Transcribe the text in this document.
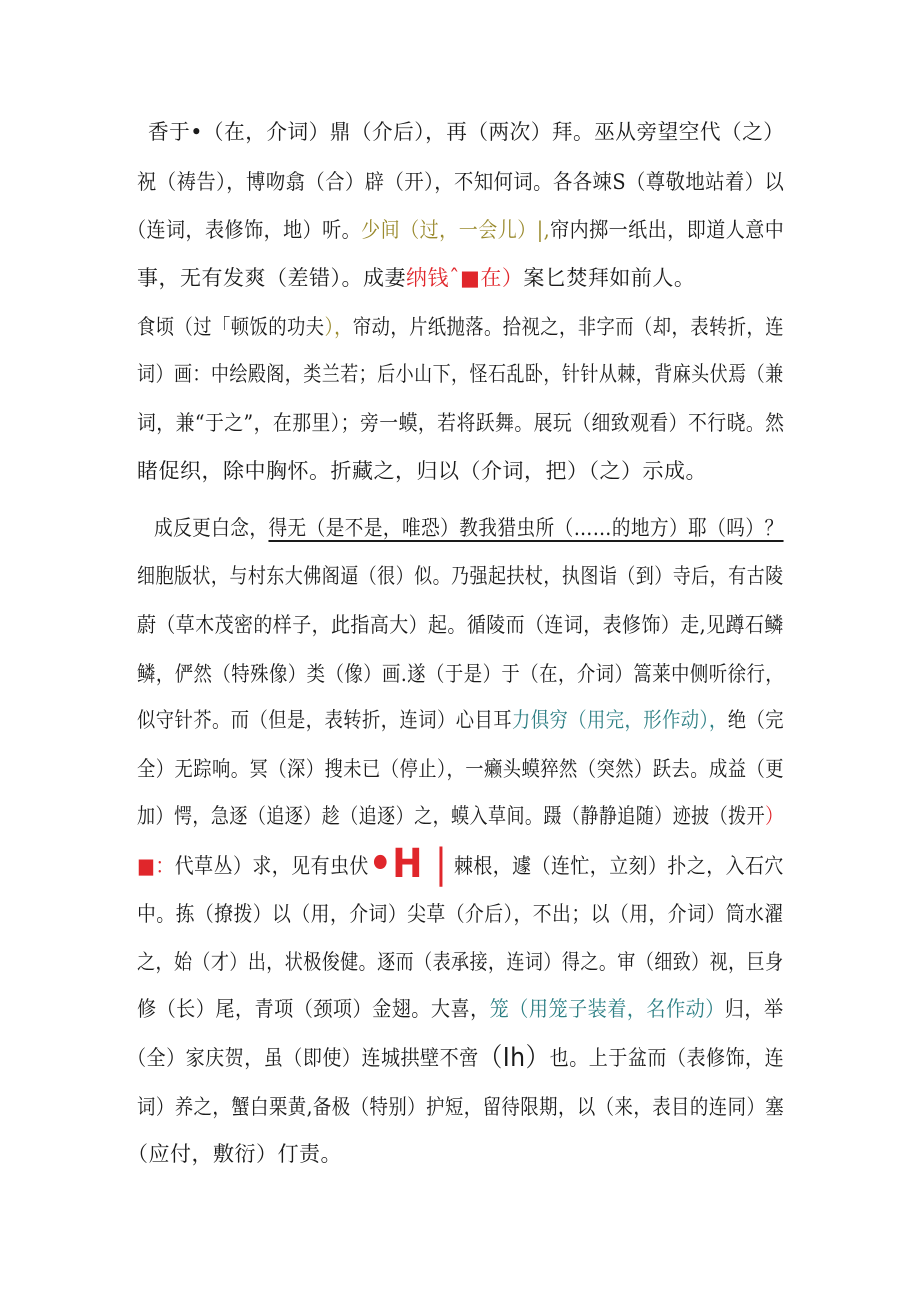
香于•（在，介词）鼎（介后），再（两次）拜。巫从旁望空代（之）
祝（祷告），博吻翕（合）辟（开），不知何词。各各竦S（尊敬地站着）以
（连词，表修饰，地）听。少间（过，一会儿）|,帘内掷一纸出，即道人意中
事，无有发爽（差错）。成妻纳钱ˆ■在）案匕焚拜如前人。
食顷（过「顿饭的功夫），帘动，片纸抛落。拾视之，非字而（却，表转折，连
词）画：中绘殿阁，类兰若；后小山下，怪石乱卧，针针从棘，背麻头伏焉（兼
词，兼“于之”，在那里）；旁一蟆，若将跃舞。展玩（细致观看）不行晓。然
睹促织，除中胸怀。折藏之，归以（介词，把）（之）示成。
成反更白念，得无（是不是，唯恐）教我猎虫所（……的地方）耶（吗）？
细胞版状，与村东大佛阁逼（很）似。乃强起扶杖，执图诣（到）寺后，有古陵
蔚（草木茂密的样子，此指高大）起。循陵而（连词，表修饰）走,见蹲石鳞
鳞，俨然（特殊像）类（像）画.遂（于是）于（在，介词）篙莱中侧听徐行，
似守针芥。而（但是，表转折，连词）心目耳力俱穷（用完，形作动），绝（完
全）无踪响。冥（深）搜未已（停止），一癞头蟆猝然（突然）跃去。成益（更
加）愕，急逐（追逐）趁（追逐）之，蟆入草间。蹑（静静追随）迹披（拨开）
■：代草丛）求，见有虫伏•H | 棘根，遽（连忙，立刻）扑之，入石穴
中。拣（撩拨）以（用，介词）尖草（介后），不出；以（用，介词）筒水濯
之，始（才）出，状极俊健。逐而（表承接，连词）得之。审（细致）视，巨身
修（长）尾，青项（颈项）金翅。大喜，笼（用笼子装着，名作动）归，举
（全）家庆贺，虽（即使）连城拱壁不啻（Ih）也。上于盆而（表修饰，连
词）养之，蟹白栗黄,备极（特别）护短，留待限期，以（来，表目的连同）塞
（应付，敷衍）仃责。
